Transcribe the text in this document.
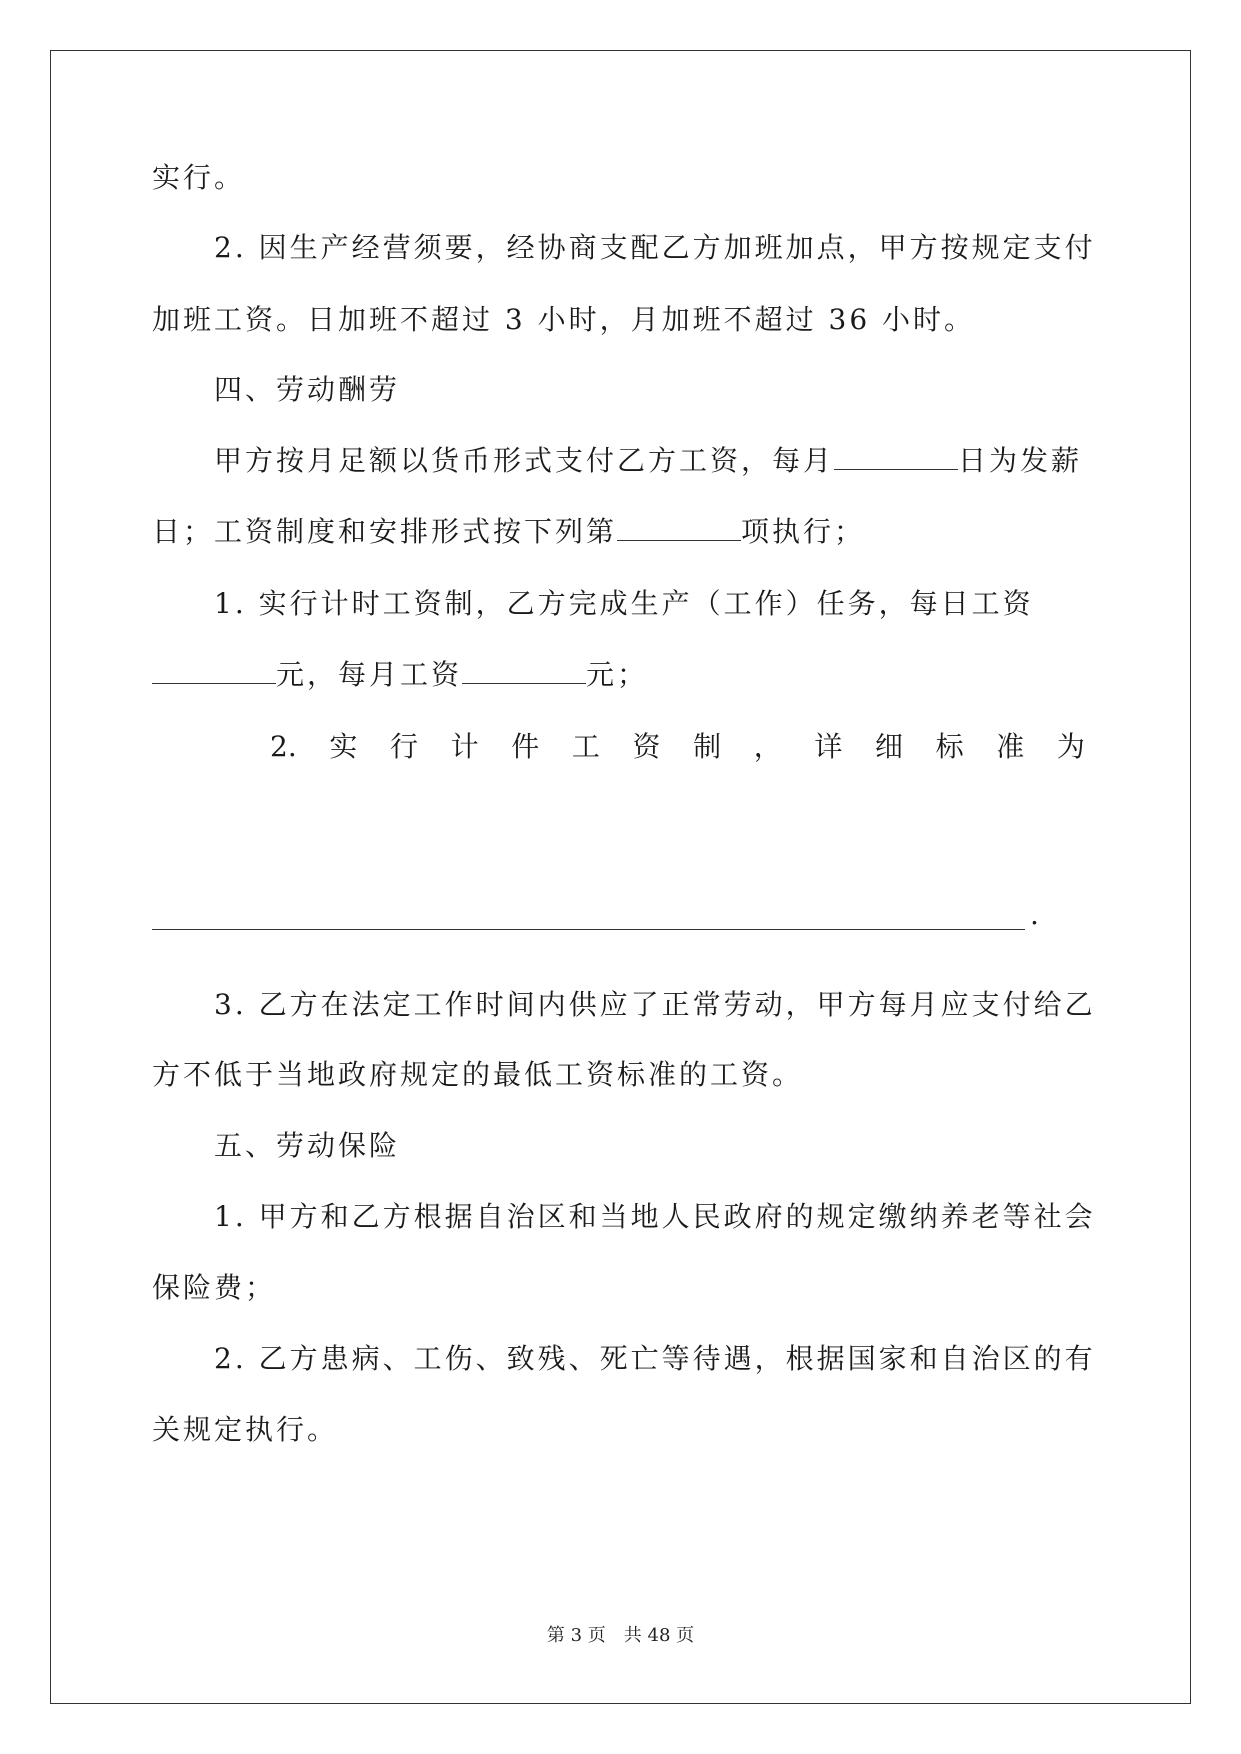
实行。
2. 因生产经营须要，经协商支配乙方加班加点，甲方按规定支付
加班工资。日加班不超过 3 小时，月加班不超过 36 小时。
四、劳动酬劳
甲方按月足额以货币形式支付乙方工资，每月	日为发薪
日；工资制度和安排形式按下列第	项执行；
1. 实行计时工资制，乙方完成生产（工作）任务，每日工资
元，每月工资	元；
2. 实 行 计 件 工 资 制 ， 详 细 标 准 为
.
3. 乙方在法定工作时间内供应了正常劳动，甲方每月应支付给乙
方不低于当地政府规定的最低工资标准的工资。
五、劳动保险
1. 甲方和乙方根据自治区和当地人民政府的规定缴纳养老等社会
保险费；
2. 乙方患病、工伤、致残、死亡等待遇，根据国家和自治区的有
关规定执行。
第 3 页 共 48 页
